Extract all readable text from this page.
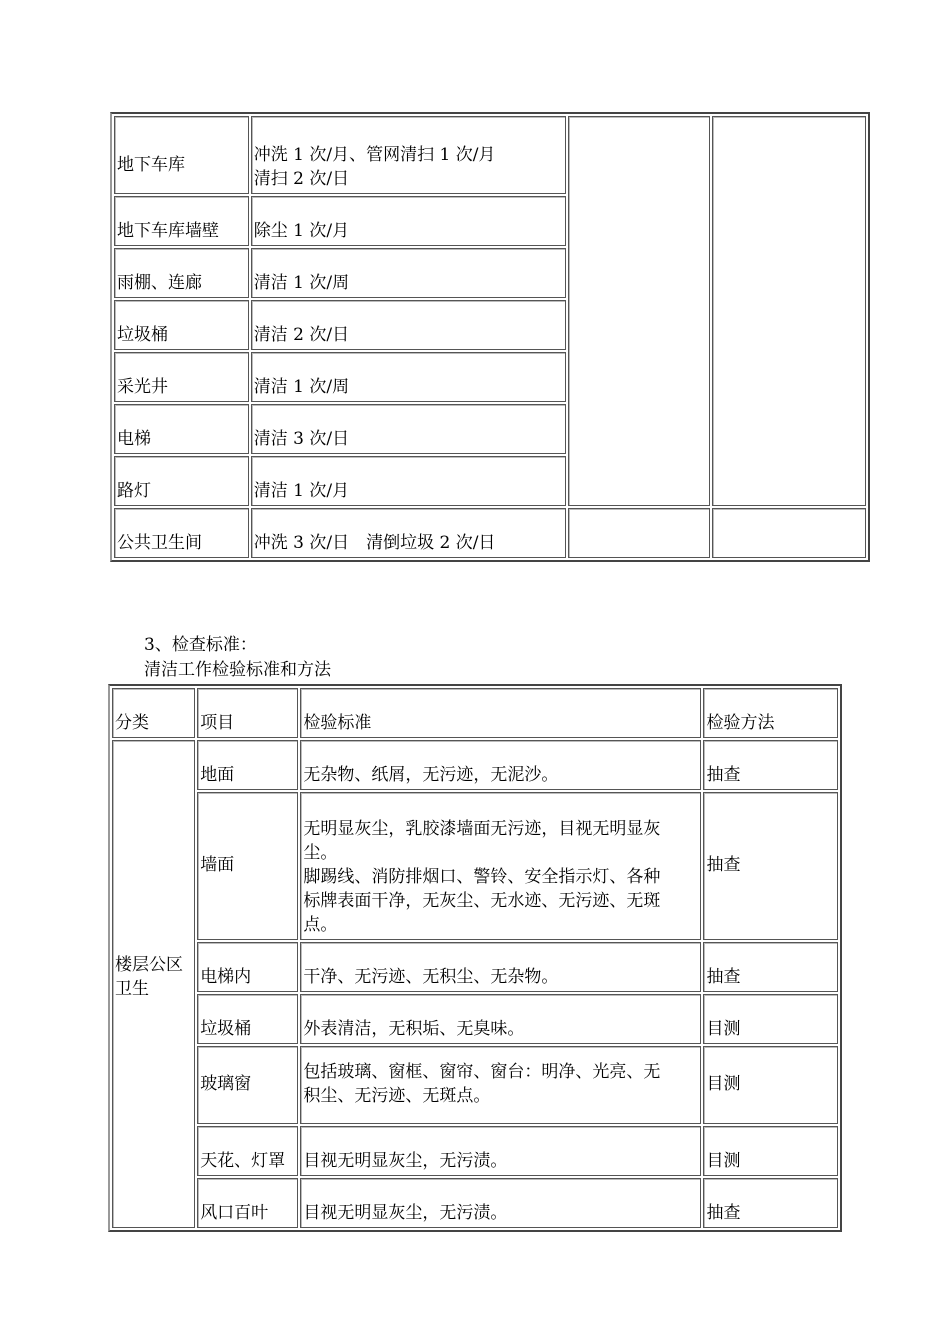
地下车库	冲洗 1 次/月、管网清扫 1 次/月
清扫 2 次/日		

地下车库墙壁	除尘 1 次/月		
雨棚、连廊	清洁 1 次/周		
垃圾桶	清洁 2 次/日		
采光井	清洁 1 次/周		
电梯	清洁 3 次/日		
路灯	清洁 1 次/月		
公共卫生间	冲洗 3 次/日　清倒垃圾 2 次/日		
3、检查标准：
清洁工作检验标准和方法
分类	项目	检验标准	检验方法
楼层公区卫生	地面	无杂物、纸屑，无污迹，无泥沙。	抽查
	墙面	无明显灰尘，乳胶漆墙面无污迹，目视无明显灰
尘。
脚踢线、消防排烟口、警铃、安全指示灯、各种
标牌表面干净，无灰尘、无水迹、无污迹、无斑
点。	抽查
	电梯内	干净、无污迹、无积尘、无杂物。	抽查
	垃圾桶	外表清洁，无积垢、无臭味。	目测
	玻璃窗	包括玻璃、窗框、窗帘、窗台：明净、光亮、无
积尘、无污迹、无斑点。	目测
	天花、灯罩	目视无明显灰尘，无污渍。	目测
	风口百叶	目视无明显灰尘，无污渍。	抽查
